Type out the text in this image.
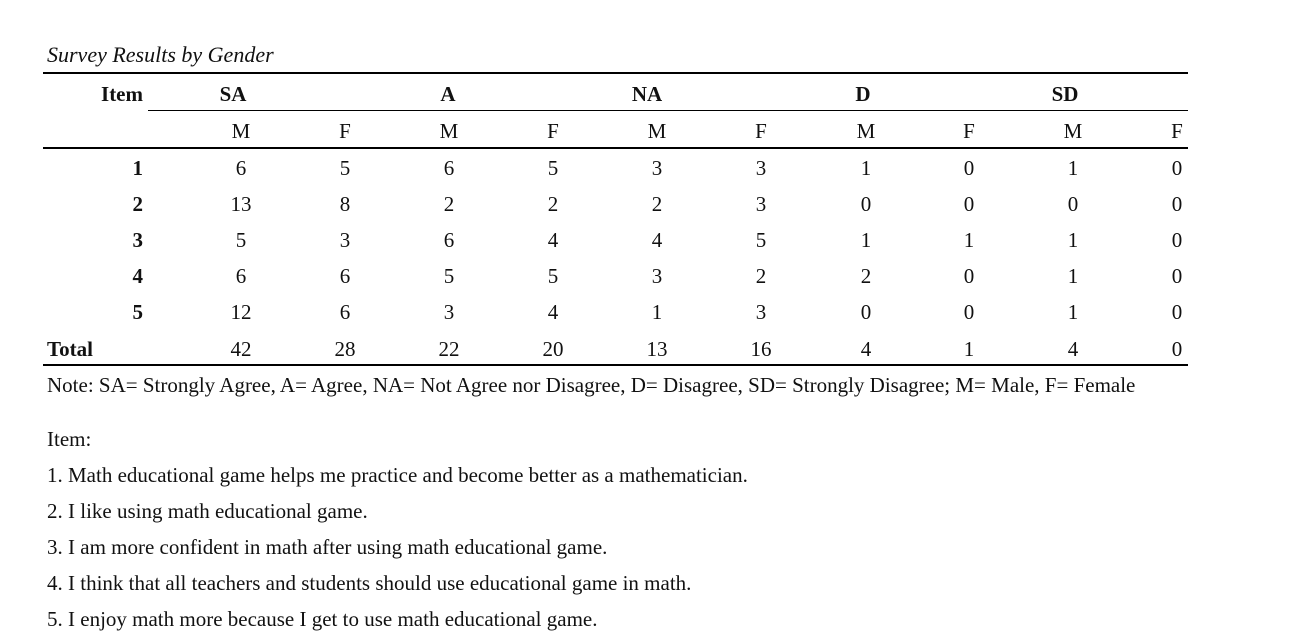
Survey Results by Gender
Item	SA	A	NA	D	SD
M	F	M	F	M	F	M	F	M	F
1	6	5	6	5	3	3	1	0	1	0
2	13	8	2	2	2	3	0	0	0	0
3	5	3	6	4	4	5	1	1	1	0
4	6	6	5	5	3	2	2	0	1	0
5	12	6	3	4	1	3	0	0	1	0
Total	42	28	22	20	13	16	4	1	4	0
Note: SA= Strongly Agree, A= Agree, NA= Not Agree nor Disagree, D= Disagree, SD= Strongly Disagree; M= Male, F= Female
Item:
1. Math educational game helps me practice and become better as a mathematician.
2. I like using math educational game.
3. I am more confident in math after using math educational game.
4. I think that all teachers and students should use educational game in math.
5. I enjoy math more because I get to use math educational game.
